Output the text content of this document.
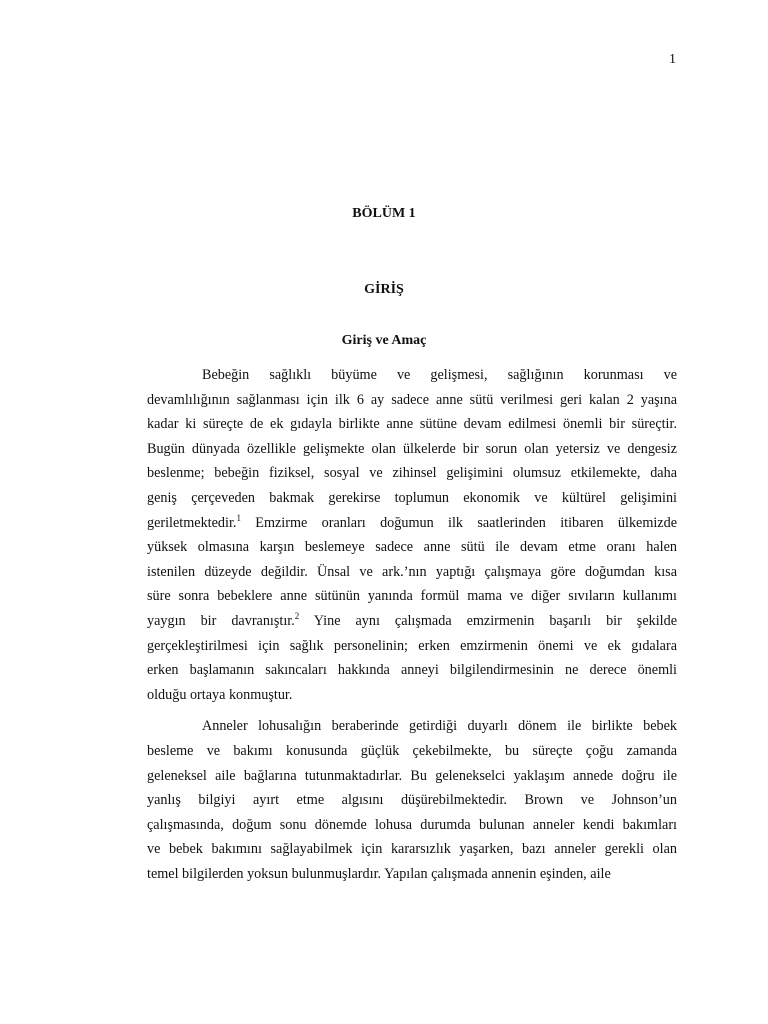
1
BÖLÜM 1
GİRİŞ
Giriş ve Amaç
Bebeğin sağlıklı büyüme ve gelişmesi, sağlığının korunması ve
devamlılığının sağlanması için ilk 6 ay sadece anne sütü verilmesi geri kalan 2 yaşına
kadar ki süreçte de ek gıdayla birlikte anne sütüne devam edilmesi önemli bir süreçtir.
Bugün dünyada özellikle gelişmekte olan ülkelerde bir sorun olan yetersiz ve dengesiz
beslenme; bebeğin fiziksel, sosyal ve zihinsel gelişimini olumsuz etkilemekte, daha
geniş çerçeveden bakmak gerekirse toplumun ekonomik ve kültürel gelişimini
geriletmektedir.$^1$ Emzirme oranları doğumun ilk saatlerinden itibaren ülkemizde
yüksek olmasına karşın beslemeye sadece anne sütü ile devam etme oranı halen
istenilen düzeyde değildir. Ünsal ve ark.’nın yaptığı çalışmaya göre doğumdan kısa
süre sonra bebeklere anne sütünün yanında formül mama ve diğer sıvıların kullanımı
yaygın bir davranıştır.$^2$ Yine aynı çalışmada emzirmenin başarılı bir şekilde
gerçekleştirilmesi için sağlık personelinin; erken emzirmenin önemi ve ek gıdalara
erken başlamanın sakıncaları hakkında anneyi bilgilendirmesinin ne derece önemli
olduğu ortaya konmuştur.
Anneler lohusalığın beraberinde getirdiği duyarlı dönem ile birlikte bebek
besleme ve bakımı konusunda güçlük çekebilmekte, bu süreçte çoğu zamanda
geleneksel aile bağlarına tutunmaktadırlar. Bu gelenekselci yaklaşım annede doğru ile
yanlış bilgiyi ayırt etme algısını düşürebilmektedir. Brown ve Johnson’un
çalışmasında, doğum sonu dönemde lohusa durumda bulunan anneler kendi bakımları
ve bebek bakımını sağlayabilmek için kararsızlık yaşarken, bazı anneler gerekli olan
temel bilgilerden yoksun bulunmuşlardır. Yapılan çalışmada annenin eşinden, aile
